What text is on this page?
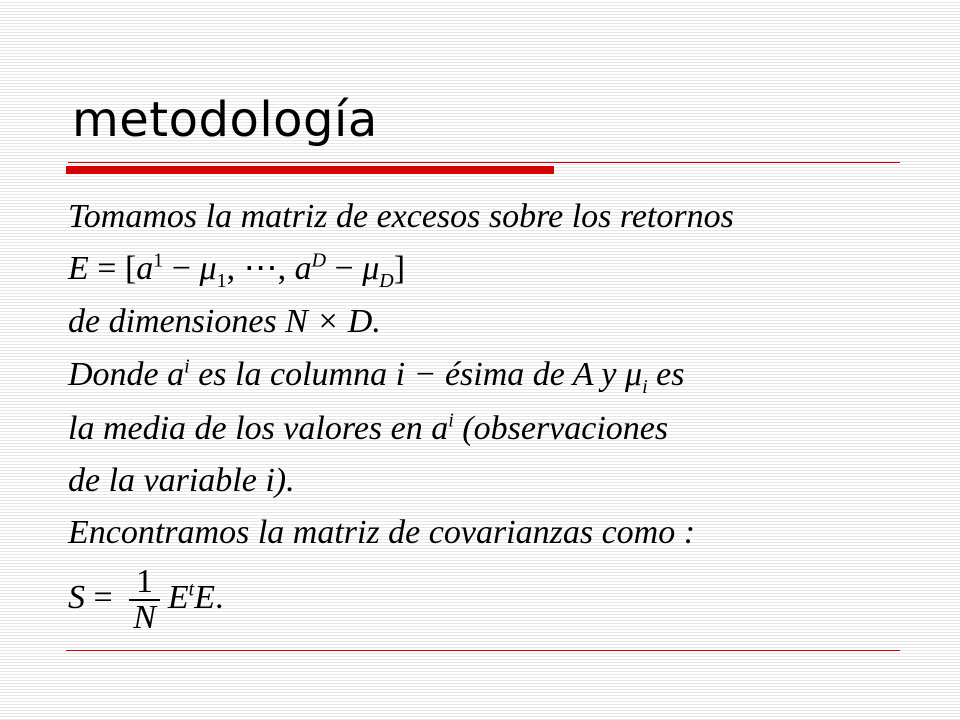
metodología
Tomamos la matriz de excesos sobre los retornos
$E = [a^1 - \mu_1$, ⋯, $a^D - \mu_D$]
de dimensiones N × D.
Donde $a^i$ es la columna i − ésima de A y $\mu_i$ es
la media de los valores en $a^i$ (observaciones
de la variable i).
Encontramos la matriz de covarianzas como :
$S = \frac{1}{N} E^tE$.
